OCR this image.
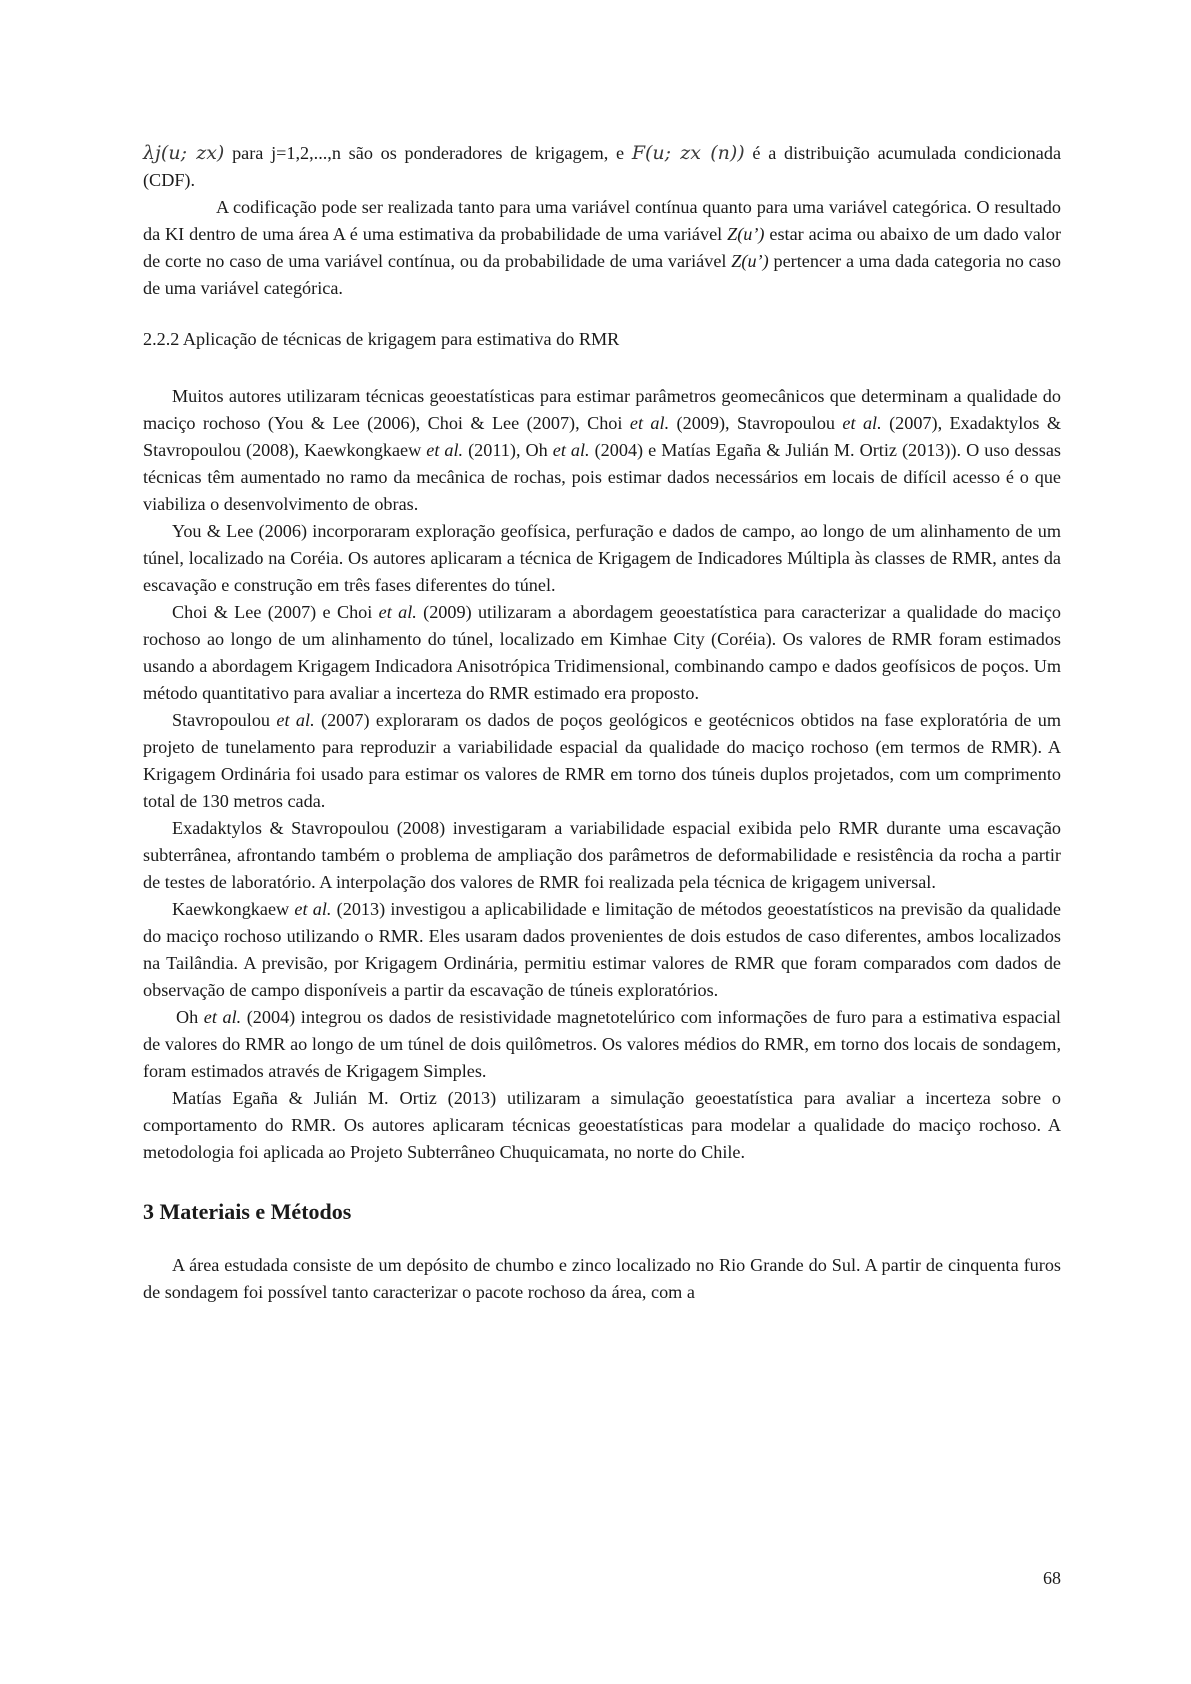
λj(u; zx) para j=1,2,...,n são os ponderadores de krigagem, e F(u; zx (n)) é a distribuição acumulada condicionada (CDF).

A codificação pode ser realizada tanto para uma variável contínua quanto para uma variável categórica. O resultado da KI dentro de uma área A é uma estimativa da probabilidade de uma variável Z(u’) estar acima ou abaixo de um dado valor de corte no caso de uma variável contínua, ou da probabilidade de uma variável Z(u’) pertencer a uma dada categoria no caso de uma variável categórica.

2.2.2 Aplicação de técnicas de krigagem para estimativa do RMR

Muitos autores utilizaram técnicas geoestatísticas para estimar parâmetros geomecânicos que determinam a qualidade do maciço rochoso (You & Lee (2006), Choi & Lee (2007), Choi et al. (2009), Stavropoulou et al. (2007), Exadaktylos & Stavropoulou (2008), Kaewkongkaew et al. (2011), Oh et al. (2004) e Matías Egaña & Julián M. Ortiz (2013)). O uso dessas técnicas têm aumentado no ramo da mecânica de rochas, pois estimar dados necessários em locais de difícil acesso é o que viabiliza o desenvolvimento de obras.

You & Lee (2006) incorporaram exploração geofísica, perfuração e dados de campo, ao longo de um alinhamento de um túnel, localizado na Coréia. Os autores aplicaram a técnica de Krigagem de Indicadores Múltipla às classes de RMR, antes da escavação e construção em três fases diferentes do túnel.

Choi & Lee (2007) e Choi et al. (2009) utilizaram a abordagem geoestatística para caracterizar a qualidade do maciço rochoso ao longo de um alinhamento do túnel, localizado em Kimhae City (Coréia). Os valores de RMR foram estimados usando a abordagem Krigagem Indicadora Anisotrópica Tridimensional, combinando campo e dados geofísicos de poços. Um método quantitativo para avaliar a incerteza do RMR estimado era proposto.

Stavropoulou et al. (2007) exploraram os dados de poços geológicos e geotécnicos obtidos na fase exploratória de um projeto de tunelamento para reproduzir a variabilidade espacial da qualidade do maciço rochoso (em termos de RMR). A Krigagem Ordinária foi usado para estimar os valores de RMR em torno dos túneis duplos projetados, com um comprimento total de 130 metros cada.

Exadaktylos & Stavropoulou (2008) investigaram a variabilidade espacial exibida pelo RMR durante uma escavação subterrânea, afrontando também o problema de ampliação dos parâmetros de deformabilidade e resistência da rocha a partir de testes de laboratório. A interpolação dos valores de RMR foi realizada pela técnica de krigagem universal.

Kaewkongkaew et al. (2013) investigou a aplicabilidade e limitação de métodos geoestatísticos na previsão da qualidade do maciço rochoso utilizando o RMR. Eles usaram dados provenientes de dois estudos de caso diferentes, ambos localizados na Tailândia. A previsão, por Krigagem Ordinária, permitiu estimar valores de RMR que foram comparados com dados de observação de campo disponíveis a partir da escavação de túneis exploratórios.

Oh et al. (2004) integrou os dados de resistividade magnetotelúrico com informações de furo para a estimativa espacial de valores do RMR ao longo de um túnel de dois quilômetros. Os valores médios do RMR, em torno dos locais de sondagem, foram estimados através de Krigagem Simples.

Matías Egaña & Julián M. Ortiz (2013) utilizaram a simulação geoestatística para avaliar a incerteza sobre o comportamento do RMR. Os autores aplicaram técnicas geoestatísticas para modelar a qualidade do maciço rochoso. A metodologia foi aplicada ao Projeto Subterrâneo Chuquicamata, no norte do Chile.

3 Materiais e Métodos

A área estudada consiste de um depósito de chumbo e zinco localizado no Rio Grande do Sul. A partir de cinquenta furos de sondagem foi possível tanto caracterizar o pacote rochoso da área, com a

68
